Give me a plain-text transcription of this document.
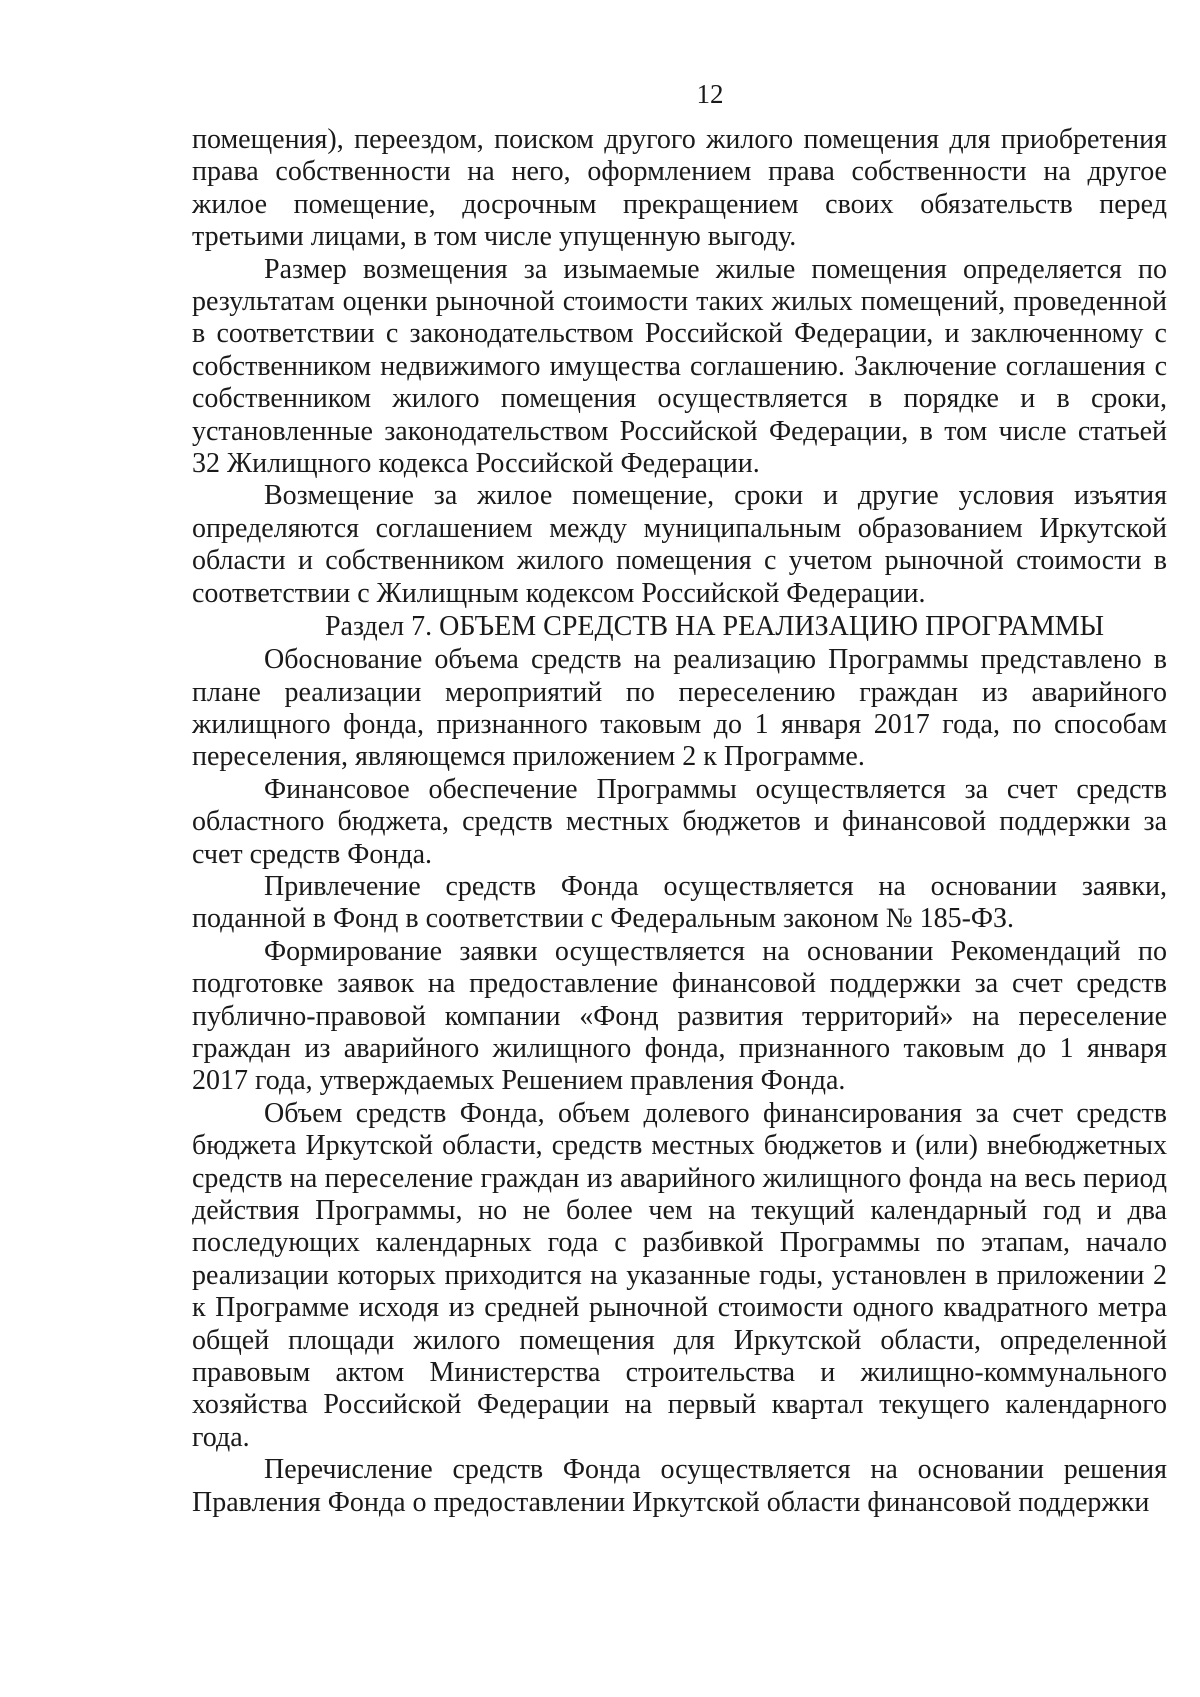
12

помещения), переездом, поиском другого жилого помещения для приобретения права собственности на него, оформлением права собственности на другое жилое помещение, досрочным прекращением своих обязательств перед третьими лицами, в том числе упущенную выгоду.

Размер возмещения за изымаемые жилые помещения определяется по результатам оценки рыночной стоимости таких жилых помещений, проведенной в соответствии с законодательством Российской Федерации, и заключенному с собственником недвижимого имущества соглашению. Заключение соглашения с собственником жилого помещения осуществляется в порядке и в сроки, установленные законодательством Российской Федерации, в том числе статьей 32 Жилищного кодекса Российской Федерации.

Возмещение за жилое помещение, сроки и другие условия изъятия определяются соглашением между муниципальным образованием Иркутской области и собственником жилого помещения с учетом рыночной стоимости в соответствии с Жилищным кодексом Российской Федерации.

Раздел 7. ОБЪЕМ СРЕДСТВ НА РЕАЛИЗАЦИЮ ПРОГРАММЫ

Обоснование объема средств на реализацию Программы представлено в плане реализации мероприятий по переселению граждан из аварийного жилищного фонда, признанного таковым до 1 января 2017 года, по способам переселения, являющемся приложением 2 к Программе.

Финансовое обеспечение Программы осуществляется за счет средств областного бюджета, средств местных бюджетов и финансовой поддержки за счет средств Фонда.

Привлечение средств Фонда осуществляется на основании заявки, поданной в Фонд в соответствии с Федеральным законом № 185-ФЗ.

Формирование заявки осуществляется на основании Рекомендаций по подготовке заявок на предоставление финансовой поддержки за счет средств публично-правовой компании «Фонд развития территорий» на переселение граждан из аварийного жилищного фонда, признанного таковым до 1 января 2017 года, утверждаемых Решением правления Фонда.

Объем средств Фонда, объем долевого финансирования за счет средств бюджета Иркутской области, средств местных бюджетов и (или) внебюджетных средств на переселение граждан из аварийного жилищного фонда на весь период действия Программы, но не более чем на текущий календарный год и два последующих календарных года с разбивкой Программы по этапам, начало реализации которых приходится на указанные годы, установлен в приложении 2 к Программе исходя из средней рыночной стоимости одного квадратного метра общей площади жилого помещения для Иркутской области, определенной правовым актом Министерства строительства и жилищно-коммунального хозяйства Российской Федерации на первый квартал текущего календарного года.

Перечисление средств Фонда осуществляется на основании решения Правления Фонда о предоставлении Иркутской области финансовой поддержки
